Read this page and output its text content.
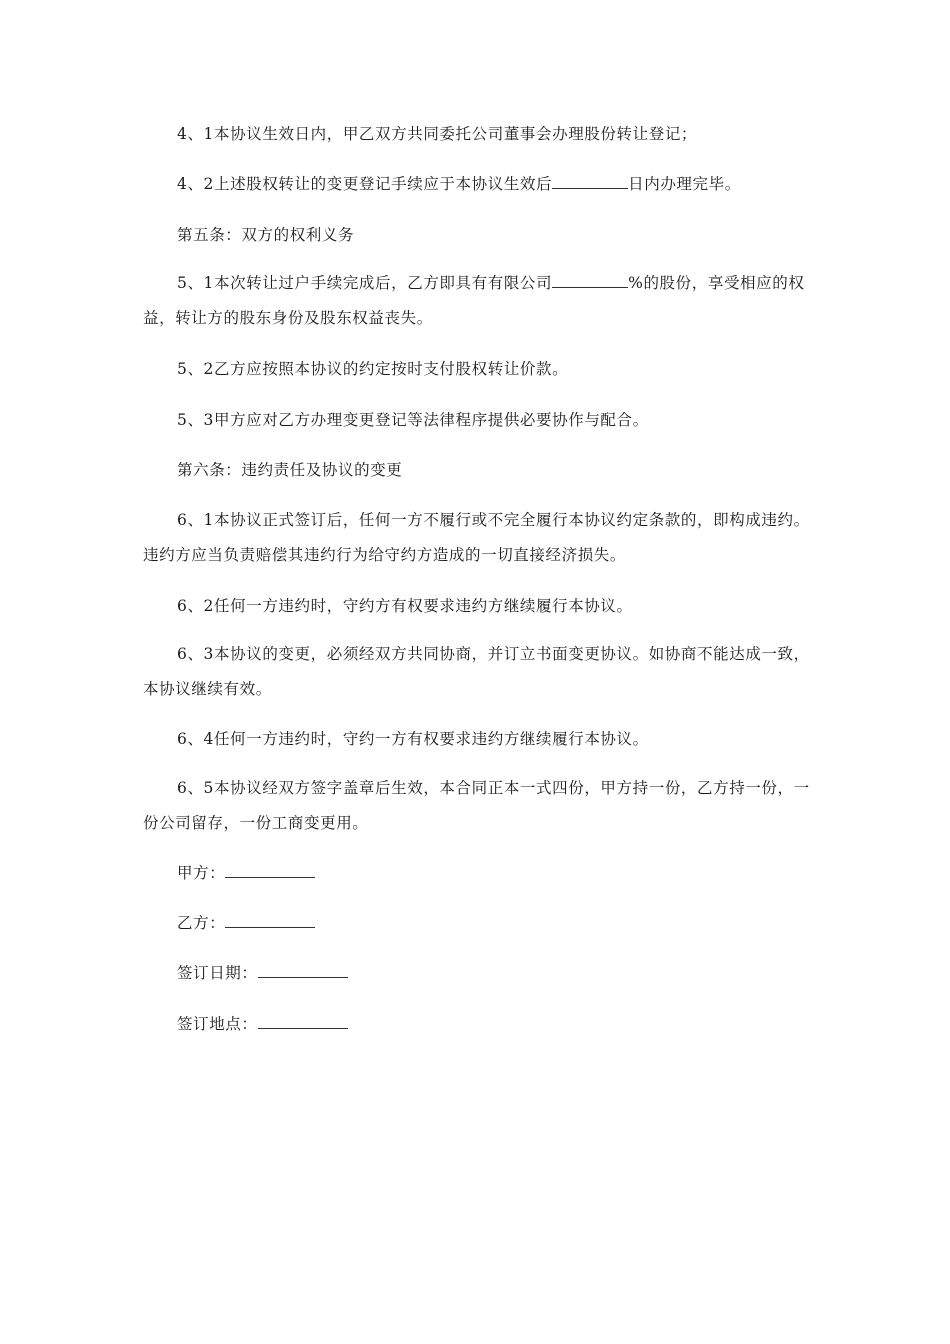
4、1本协议生效日内，甲乙双方共同委托公司董事会办理股份转让登记；

4、2上述股权转让的变更登记手续应于本协议生效后	日内办理完毕。

第五条：双方的权利义务

5、1本次转让过户手续完成后，乙方即具有有限公司	%的股份，享受相应的权益，转让方的股东身份及股东权益丧失。

5、2乙方应按照本协议的约定按时支付股权转让价款。

5、3甲方应对乙方办理变更登记等法律程序提供必要协作与配合。

第六条：违约责任及协议的变更

6、1本协议正式签订后，任何一方不履行或不完全履行本协议约定条款的，即构成违约。违约方应当负责赔偿其违约行为给守约方造成的一切直接经济损失。

6、2任何一方违约时，守约方有权要求违约方继续履行本协议。

6、3本协议的变更，必须经双方共同协商，并订立书面变更协议。如协商不能达成一致，本协议继续有效。

6、4任何一方违约时，守约一方有权要求违约方继续履行本协议。

6、5本协议经双方签字盖章后生效，本合同正本一式四份，甲方持一份，乙方持一份，一份公司留存，一份工商变更用。

甲方：

乙方：

签订日期：

签订地点：
